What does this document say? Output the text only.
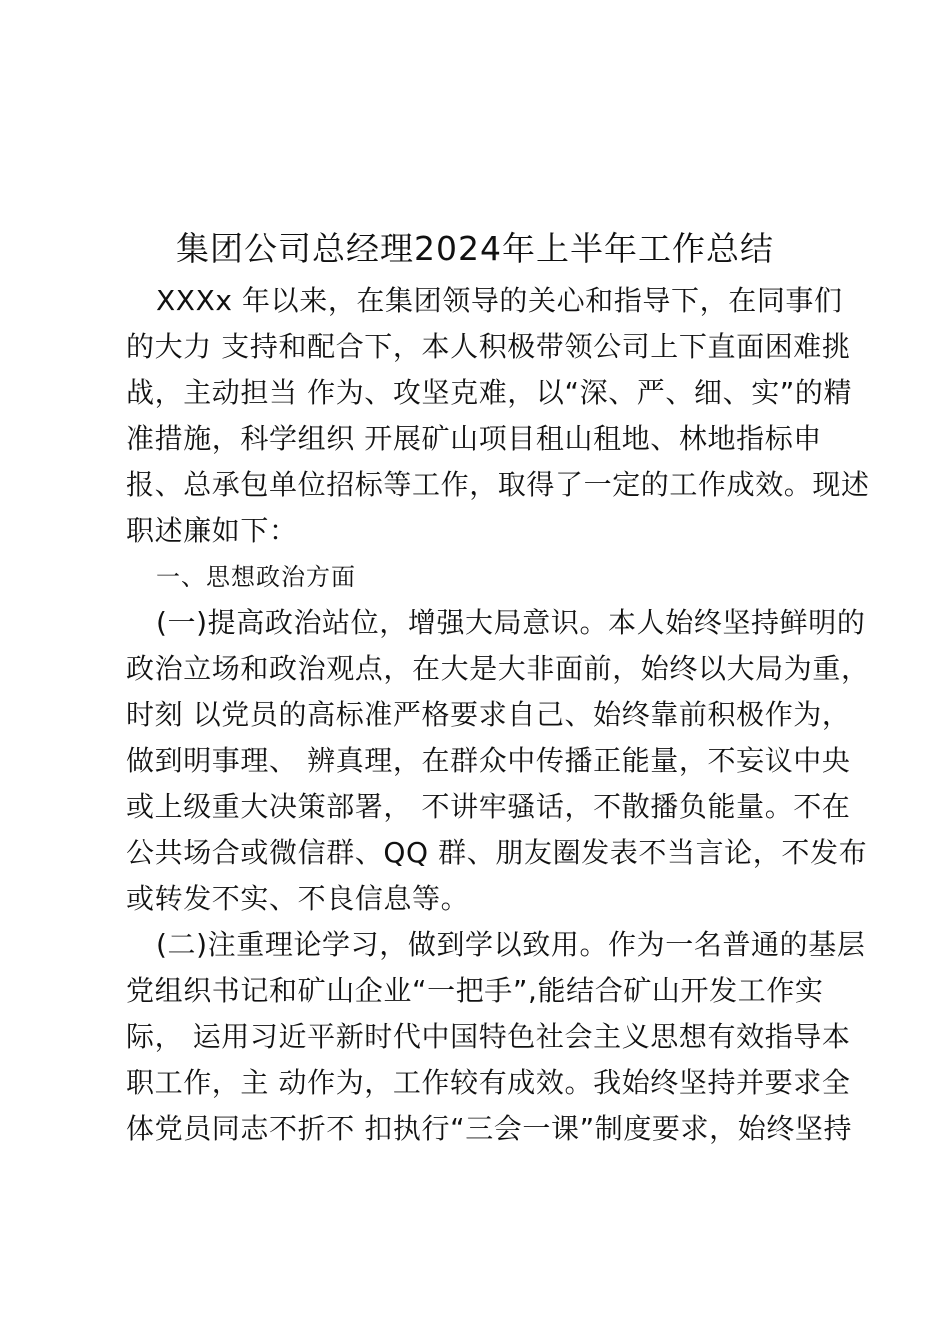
集团公司总经理2024年上半年工作总结
XXXx 年以来，在集团领导的关心和指导下，在同事们
的大力 支持和配合下，本人积极带领公司上下直面困难挑
战，主动担当 作为、攻坚克难，以“深、严、细、实”的精
准措施，科学组织 开展矿山项目租山租地、林地指标申
报、总承包单位招标等工作，取得了一定的工作成效。现述
职述廉如下：
一、思想政治方面
(一)提高政治站位，增强大局意识。本人始终坚持鲜明的
政治立场和政治观点，在大是大非面前，始终以大局为重，
时刻 以党员的高标准严格要求自己、始终靠前积极作为，
做到明事理、 辨真理，在群众中传播正能量，不妄议中央
或上级重大决策部署， 不讲牢骚话，不散播负能量。不在
公共场合或微信群、QQ 群、朋友圈发表不当言论，不发布
或转发不实、不良信息等。
(二)注重理论学习，做到学以致用。作为一名普通的基层
党组织书记和矿山企业“一把手”,能结合矿山开发工作实
际， 运用习近平新时代中国特色社会主义思想有效指导本
职工作，主 动作为，工作较有成效。我始终坚持并要求全
体党员同志不折不 扣执行“三会一课”制度要求，始终坚持
